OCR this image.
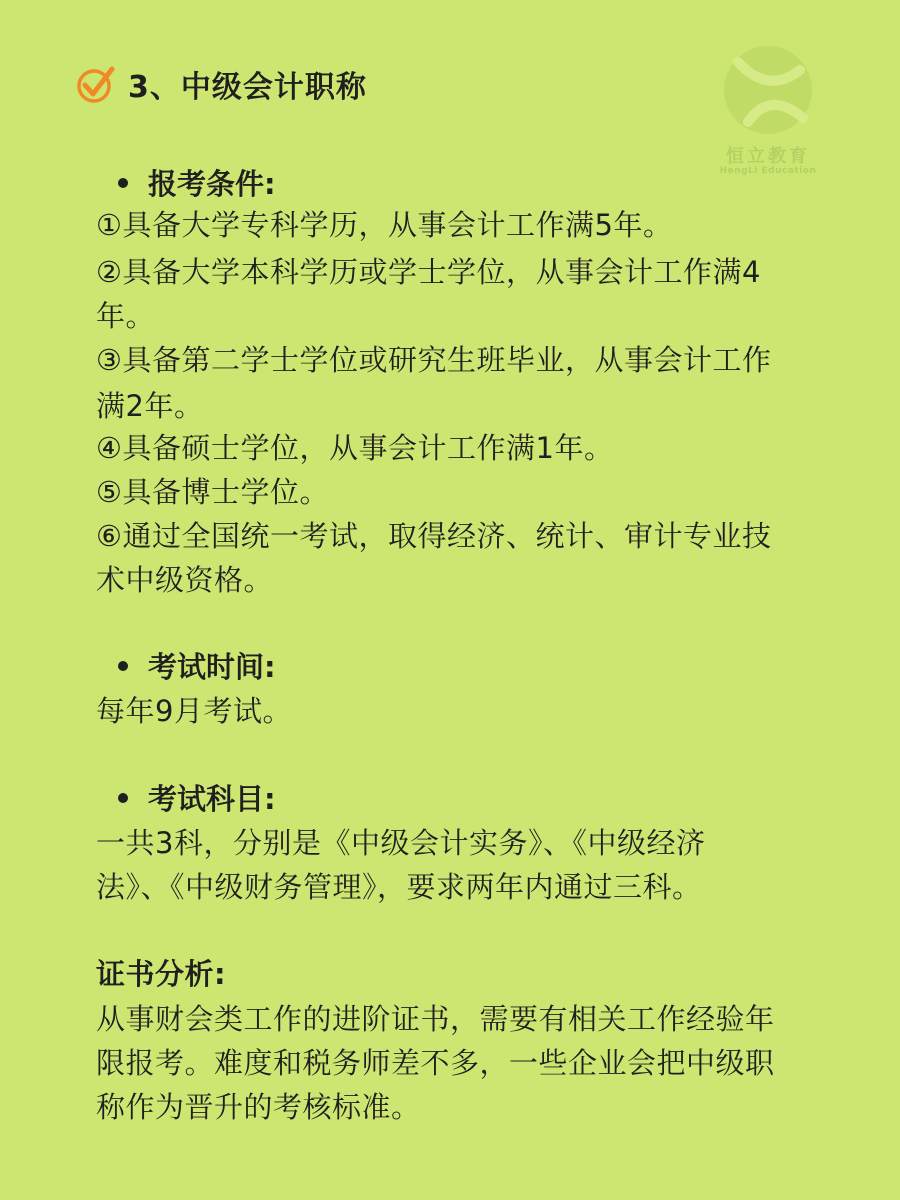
3、中级会计职称
恒立教育
HengLi Education
报考条件:
①具备大学专科学历，从事会计工作满5年。
②具备大学本科学历或学士学位，从事会计工作满4
年。
③具备第二学士学位或研究生班毕业，从事会计工作
满2年。
④具备硕士学位，从事会计工作满1年。
⑤具备博士学位。
⑥通过全国统一考试，取得经济、统计、审计专业技
术中级资格。
考试时间:
每年9月考试。
考试科目:
一共3科，分别是《中级会计实务》、《中级经济
法》、《中级财务管理》，要求两年内通过三科。
证书分析:
从事财会类工作的进阶证书，需要有相关工作经验年
限报考。难度和税务师差不多，一些企业会把中级职
称作为晋升的考核标准。
